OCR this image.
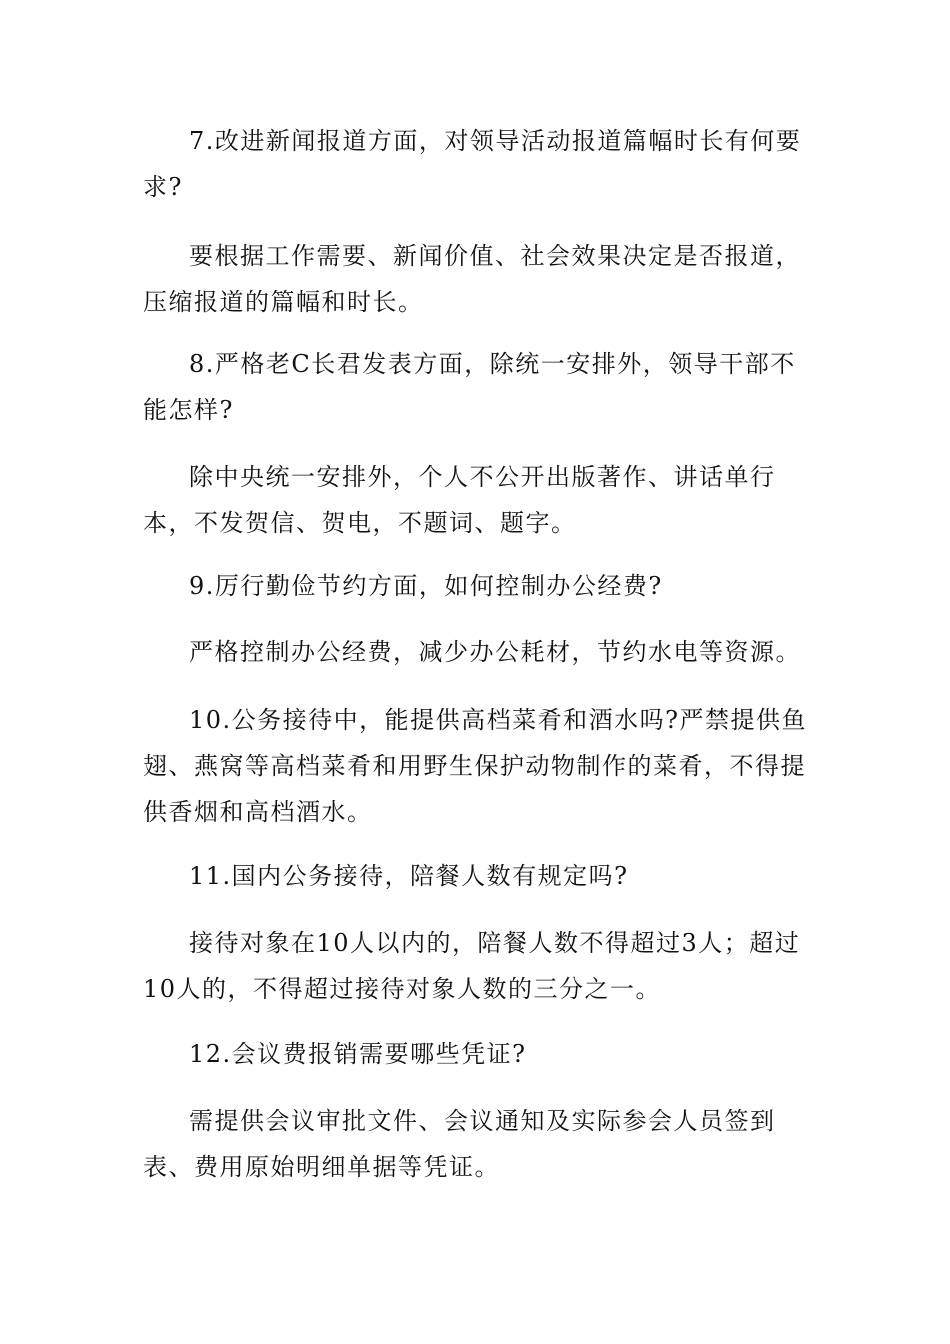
7.改进新闻报道方面，对领导活动报道篇幅时长有何要求?

要根据工作需要、新闻价值、社会效果决定是否报道，压缩报道的篇幅和时长。

8.严格老C长君发表方面，除统一安排外，领导干部不能怎样?

除中央统一安排外，个人不公开出版著作、讲话单行本，不发贺信、贺电，不题词、题字。

9.厉行勤俭节约方面，如何控制办公经费?

严格控制办公经费，减少办公耗材，节约水电等资源。

10.公务接待中，能提供高档菜肴和酒水吗?严禁提供鱼翅、燕窝等高档菜肴和用野生保护动物制作的菜肴，不得提供香烟和高档酒水。

11.国内公务接待，陪餐人数有规定吗?

接待对象在10人以内的，陪餐人数不得超过3人；超过10人的，不得超过接待对象人数的三分之一。

12.会议费报销需要哪些凭证?

需提供会议审批文件、会议通知及实际参会人员签到表、费用原始明细单据等凭证。
